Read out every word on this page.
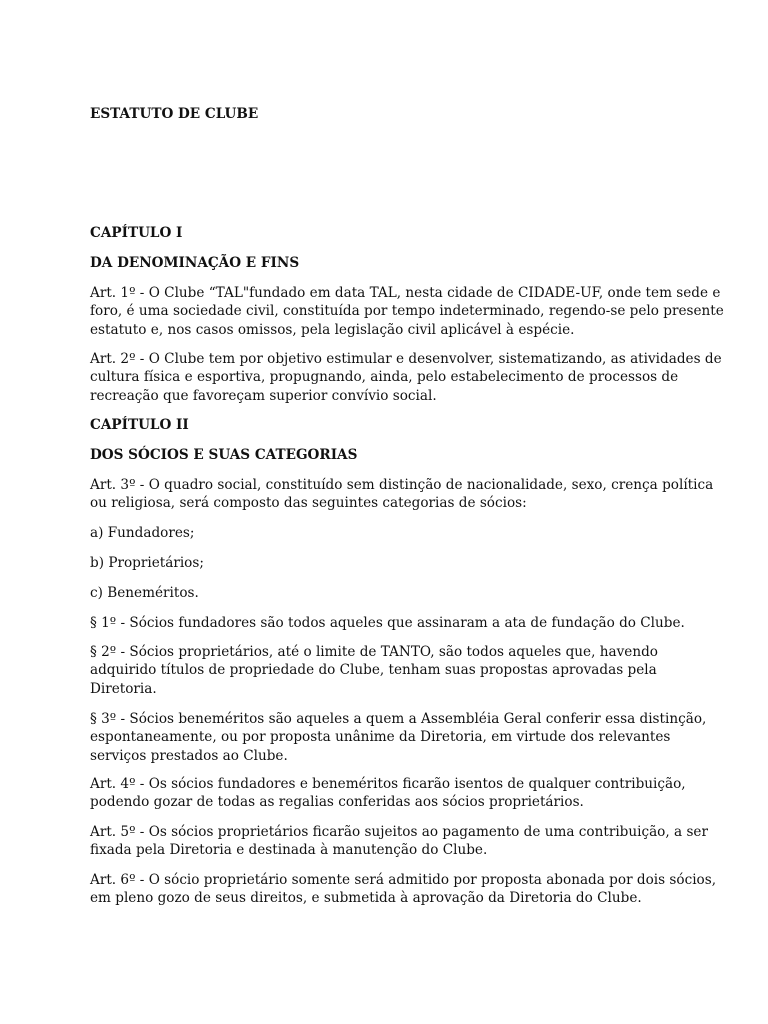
ESTATUTO DE CLUBE

CAPÍTULO I

DA DENOMINAÇÃO E FINS

Art. 1º - O Clube “TAL"fundado em data TAL, nesta cidade de CIDADE-UF, onde tem sede e
foro, é uma sociedade civil, constituída por tempo indeterminado, regendo-se pelo presente
estatuto e, nos casos omissos, pela legislação civil aplicável à espécie.

Art. 2º - O Clube tem por objetivo estimular e desenvolver, sistematizando, as atividades de
cultura física e esportiva, propugnando, ainda, pelo estabelecimento de processos de
recreação que favoreçam superior convívio social.

CAPÍTULO II

DOS SÓCIOS E SUAS CATEGORIAS

Art. 3º - O quadro social, constituído sem distinção de nacionalidade, sexo, crença política
ou religiosa, será composto das seguintes categorias de sócios:

a) Fundadores;

b) Proprietários;

c) Beneméritos.

§ 1º - Sócios fundadores são todos aqueles que assinaram a ata de fundação do Clube.

§ 2º - Sócios proprietários, até o limite de TANTO, são todos aqueles que, havendo
adquirido títulos de propriedade do Clube, tenham suas propostas aprovadas pela
Diretoria.

§ 3º - Sócios beneméritos são aqueles a quem a Assembléia Geral conferir essa distinção,
espontaneamente, ou por proposta unânime da Diretoria, em virtude dos relevantes
serviços prestados ao Clube.

Art. 4º - Os sócios fundadores e beneméritos ficarão isentos de qualquer contribuição,
podendo gozar de todas as regalias conferidas aos sócios proprietários.

Art. 5º - Os sócios proprietários ficarão sujeitos ao pagamento de uma contribuição, a ser
fixada pela Diretoria e destinada à manutenção do Clube.

Art. 6º - O sócio proprietário somente será admitido por proposta abonada por dois sócios,
em pleno gozo de seus direitos, e submetida à aprovação da Diretoria do Clube.
